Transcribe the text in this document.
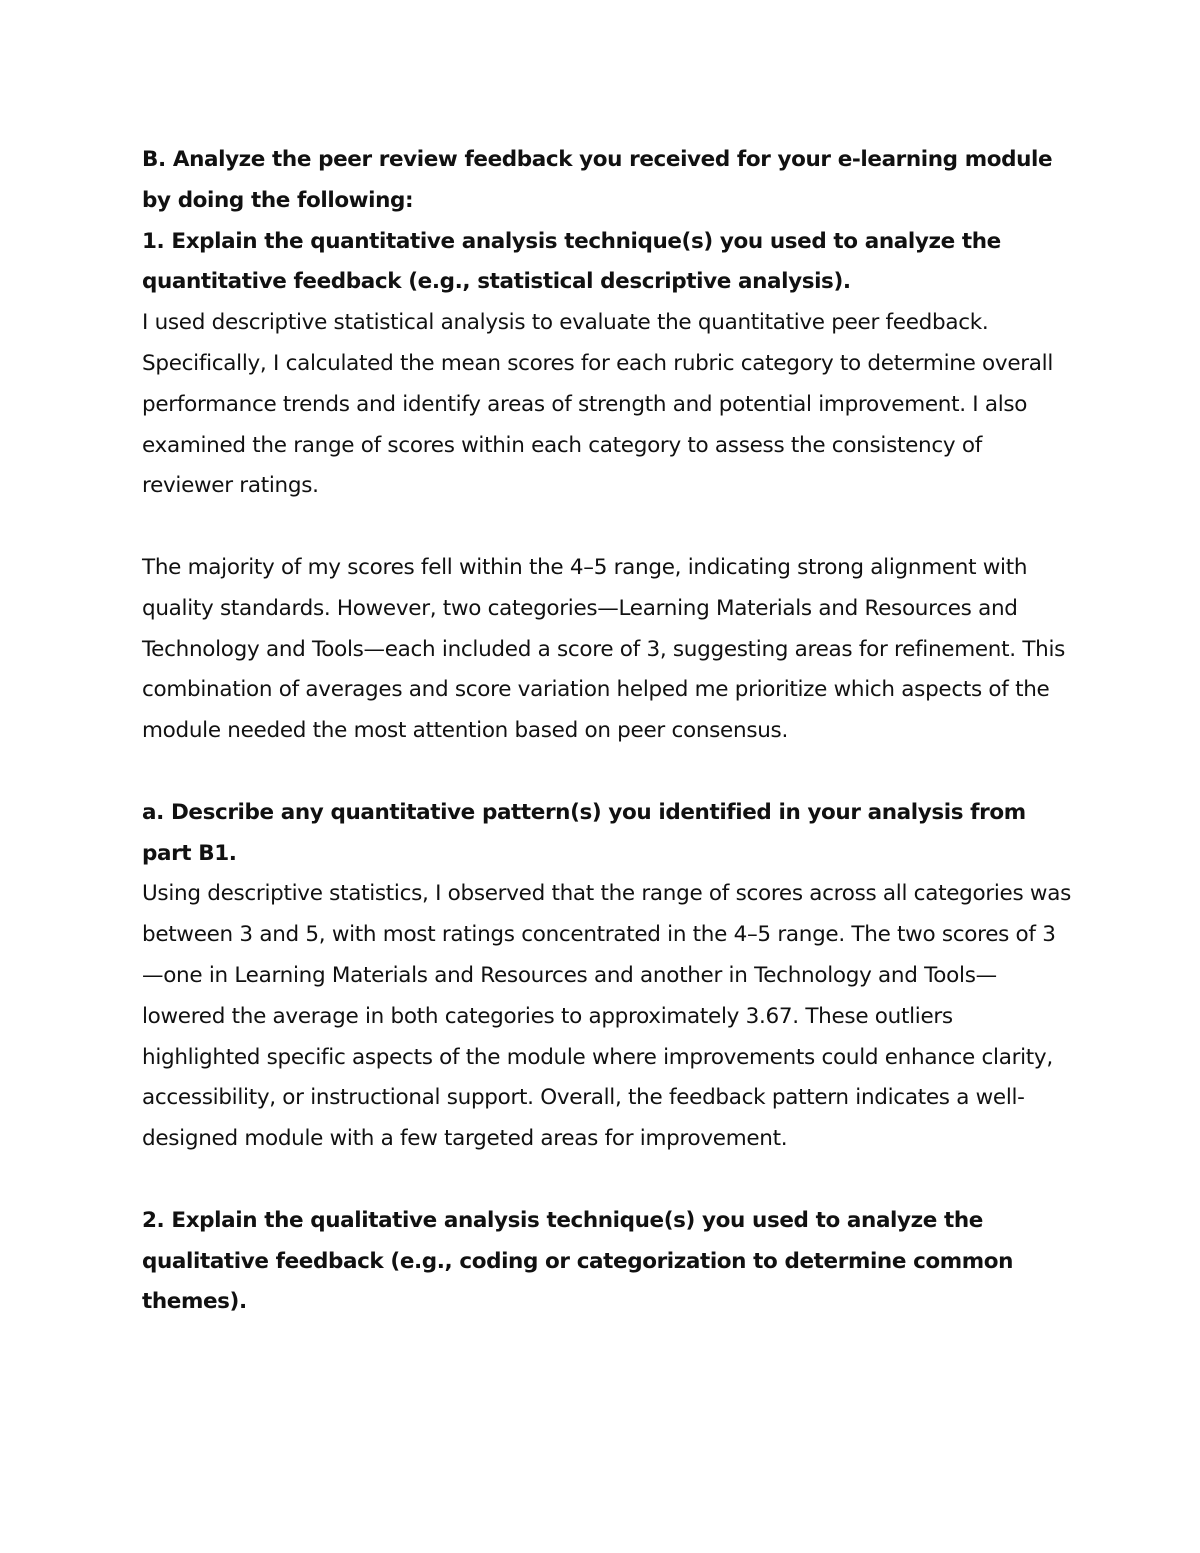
B. Analyze the peer review feedback you received for your e-learning module by doing the following:

1. Explain the quantitative analysis technique(s) you used to analyze the quantitative feedback (e.g., statistical descriptive analysis).

I used descriptive statistical analysis to evaluate the quantitative peer feedback. Specifically, I calculated the mean scores for each rubric category to determine overall performance trends and identify areas of strength and potential improvement. I also examined the range of scores within each category to assess the consistency of reviewer ratings.

The majority of my scores fell within the 4–5 range, indicating strong alignment with quality standards. However, two categories—Learning Materials and Resources and Technology and Tools—each included a score of 3, suggesting areas for refinement. This combination of averages and score variation helped me prioritize which aspects of the module needed the most attention based on peer consensus.

a. Describe any quantitative pattern(s) you identified in your analysis from part B1.

Using descriptive statistics, I observed that the range of scores across all categories was between 3 and 5, with most ratings concentrated in the 4–5 range. The two scores of 3—one in Learning Materials and Resources and another in Technology and Tools—lowered the average in both categories to approximately 3.67. These outliers highlighted specific aspects of the module where improvements could enhance clarity, accessibility, or instructional support. Overall, the feedback pattern indicates a well-designed module with a few targeted areas for improvement.

2. Explain the qualitative analysis technique(s) you used to analyze the qualitative feedback (e.g., coding or categorization to determine common themes).
